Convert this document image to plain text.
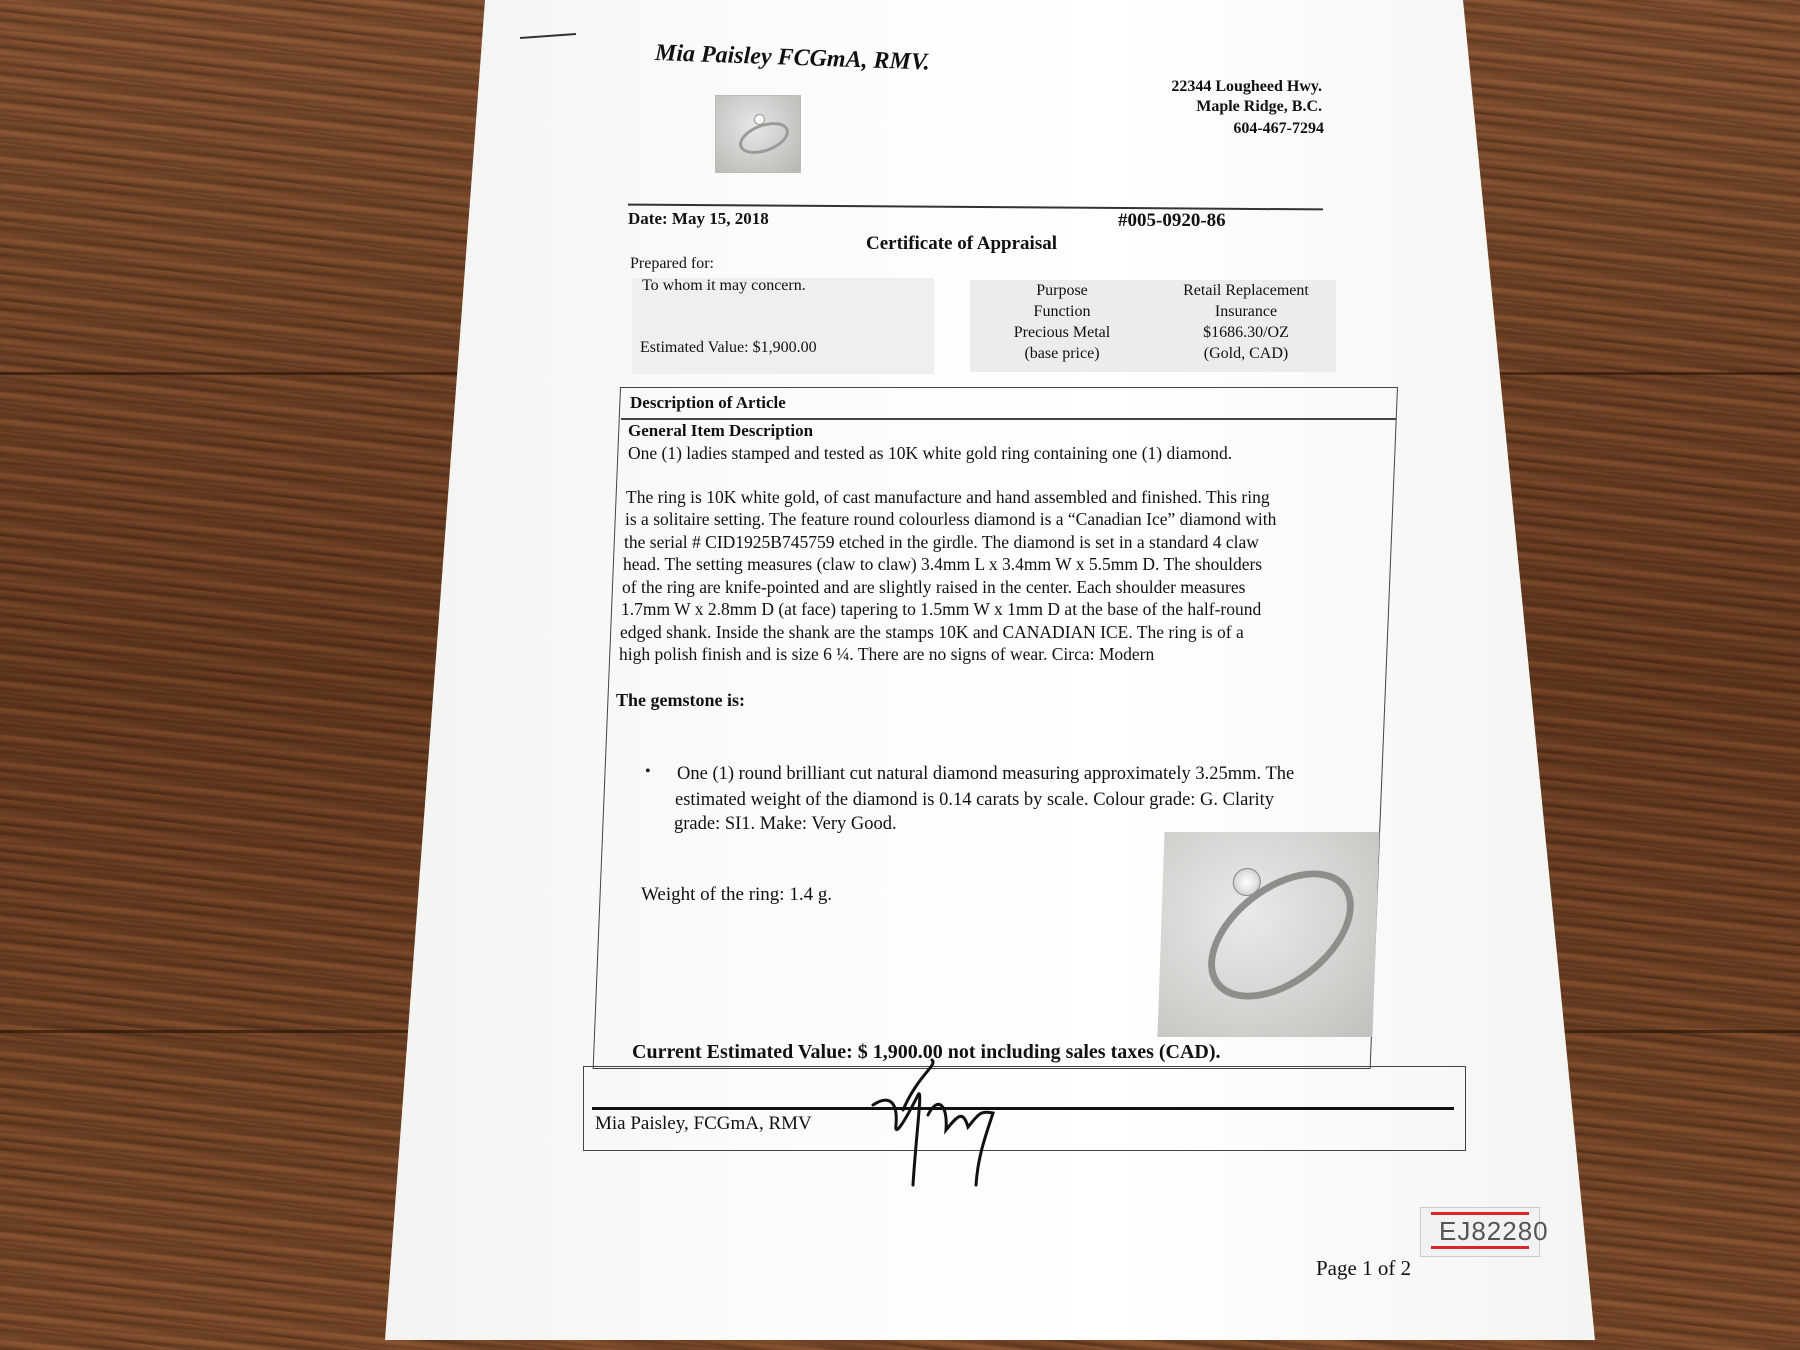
Mia Paisley FCGmA, RMV.
22344 Lougheed Hwy.
Maple Ridge, B.C.
604-467-7294
Date: May 15, 2018	#005-0920-86
Certificate of Appraisal
Prepared for:
To whom it may concern.
Estimated Value: $1,900.00
Purpose
Function
Precious Metal
(base price)
Retail Replacement
Insurance
$1686.30/OZ
(Gold, CAD)
Description of Article
General Item Description
One (1) ladies stamped and tested as 10K white gold ring containing one (1) diamond.
The ring is 10K white gold, of cast manufacture and hand assembled and finished. This ring
is a solitaire setting. The feature round colourless diamond is a “Canadian Ice” diamond with
the serial # CID1925B745759 etched in the girdle. The diamond is set in a standard 4 claw
head. The setting measures (claw to claw) 3.4mm L x 3.4mm W x 5.5mm D. The shoulders
of the ring are knife-pointed and are slightly raised in the center. Each shoulder measures
1.7mm W x 2.8mm D (at face) tapering to 1.5mm W x 1mm D at the base of the half-round
edged shank. Inside the shank are the stamps 10K and CANADIAN ICE. The ring is of a
high polish finish and is size 6 ¼. There are no signs of wear. Circa: Modern
The gemstone is:
• One (1) round brilliant cut natural diamond measuring approximately 3.25mm. The
estimated weight of the diamond is 0.14 carats by scale. Colour grade: G. Clarity
grade: SI1. Make: Very Good.
Weight of the ring: 1.4 g.
Current Estimated Value: $ 1,900.00 not including sales taxes (CAD).
Mia Paisley, FCGmA, RMV
Page 1 of 2
EJ82280
